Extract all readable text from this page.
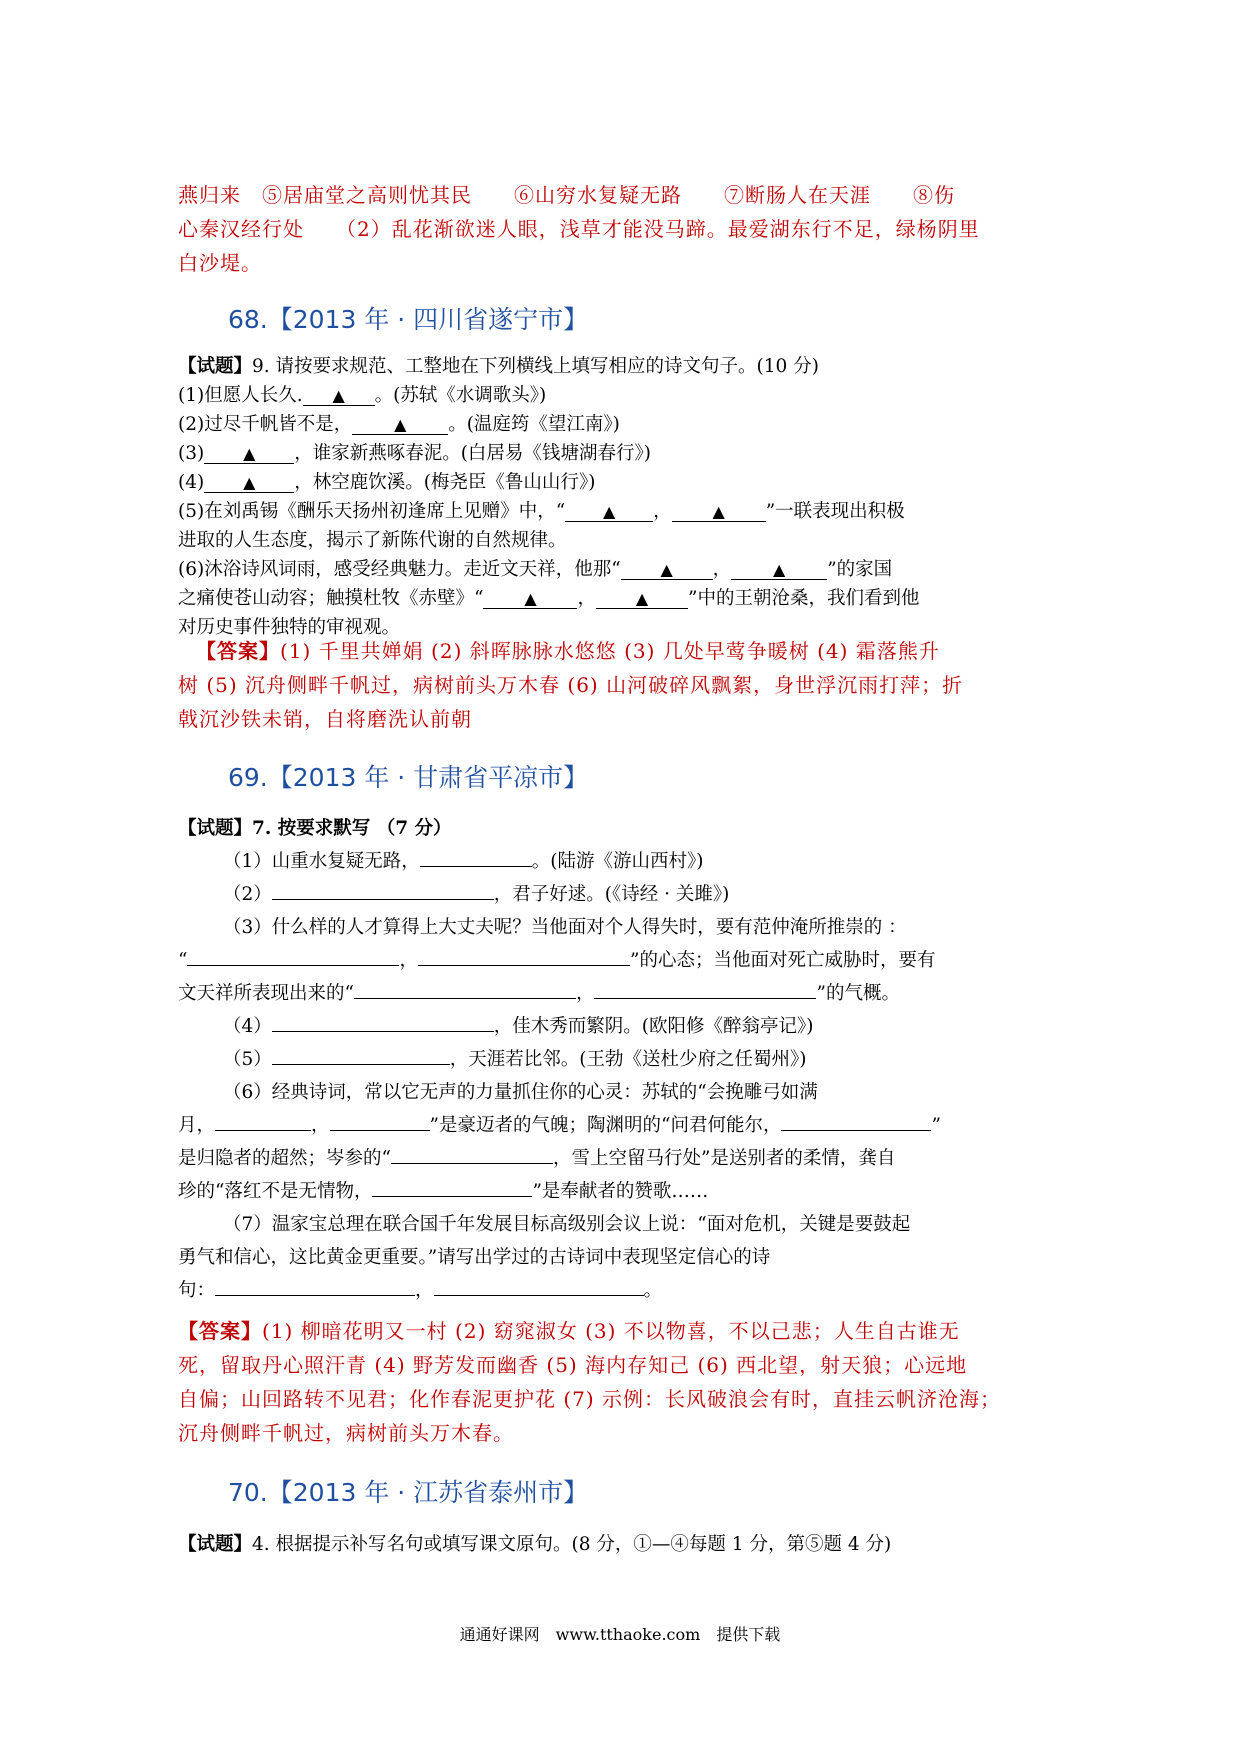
燕归来　⑤居庙堂之高则忧其民　　⑥山穷水复疑无路　　⑦断肠人在天涯　　⑧伤
心秦汉经行处　　（2）乱花渐欲迷人眼，浅草才能没马蹄。最爱湖东行不足，绿杨阴里
白沙堤。
68.【2013 年 · 四川省遂宁市】
【试题】9. 请按要求规范、工整地在下列横线上填写相应的诗文句子。(10 分)
(1)但愿人长久. ▲ 。(苏轼《水调歌头》)
(2)过尽千帆皆不是，	▲ 。(温庭筠《望江南》)
(3) ▲ ，谁家新燕啄春泥。(白居易《钱塘湖春行》)
(4) ▲ ，林空鹿饮溪。(梅尧臣《鲁山山行》)
(5)在刘禹锡《酬乐天扬州初逢席上见赠》中，“ ▲ ，	▲ ”一联表现出积极
进取的人生态度，揭示了新陈代谢的自然规律。
(6)沐浴诗风词雨，感受经典魅力。走近文天祥，他那“ ▲ ，	▲ ”的家国
之痛使苍山动容；触摸杜牧《赤壁》“	▲ ， ▲ ”中的王朝沧桑，我们看到他
对历史事件独特的审视观。
【答案】(1) 千里共婵娟 (2) 斜晖脉脉水悠悠 (3) 几处早莺争暖树 (4) 霜落熊升
树 (5) 沉舟侧畔千帆过，病树前头万木春 (6) 山河破碎风飘絮，身世浮沉雨打萍；折
戟沉沙铁未销，自将磨洗认前朝
69.【2013 年 · 甘肃省平凉市】
【试题】7. 按要求默写 （7 分）
（1）山重水复疑无路，	。(陆游《游山西村》)
（2）	，君子好逑。(《诗经 · 关雎》)
（3）什么样的人才算得上大丈夫呢？当他面对个人得失时，要有范仲淹所推崇的 ：
“	，	”的心态；当他面对死亡威胁时，要有
文天祥所表现出来的“	，	”的气概。
（4）	，佳木秀而繁阴。(欧阳修《醉翁亭记》)
（5）	，天涯若比邻。(王勃《送杜少府之任蜀州》)
（6）经典诗词，常以它无声的力量抓住你的心灵：苏轼的“会挽雕弓如满
月，	，	”是豪迈者的气魄；陶渊明的“问君何能尔，	”
是归隐者的超然；岑参的“	，雪上空留马行处”是送别者的柔情，龚自
珍的“落红不是无情物，	”是奉献者的赞歌……
（7）温家宝总理在联合国千年发展目标高级别会议上说：“面对危机，关键是要鼓起
勇气和信心，这比黄金更重要。”请写出学过的古诗词中表现坚定信心的诗
句：	，	。
【答案】(1) 柳暗花明又一村 (2) 窈窕淑女 (3) 不以物喜，不以己悲；人生自古谁无
死，留取丹心照汗青 (4) 野芳发而幽香 (5) 海内存知己 (6) 西北望，射天狼；心远地
自偏；山回路转不见君；化作春泥更护花 (7) 示例：长风破浪会有时，直挂云帆济沧海；
沉舟侧畔千帆过，病树前头万木春。
70.【2013 年 · 江苏省泰州市】
【试题】4. 根据提示补写名句或填写课文原句。(8 分，①—④每题 1 分，第⑤题 4 分)
通通好课网　www.tthaoke.com　提供下载
